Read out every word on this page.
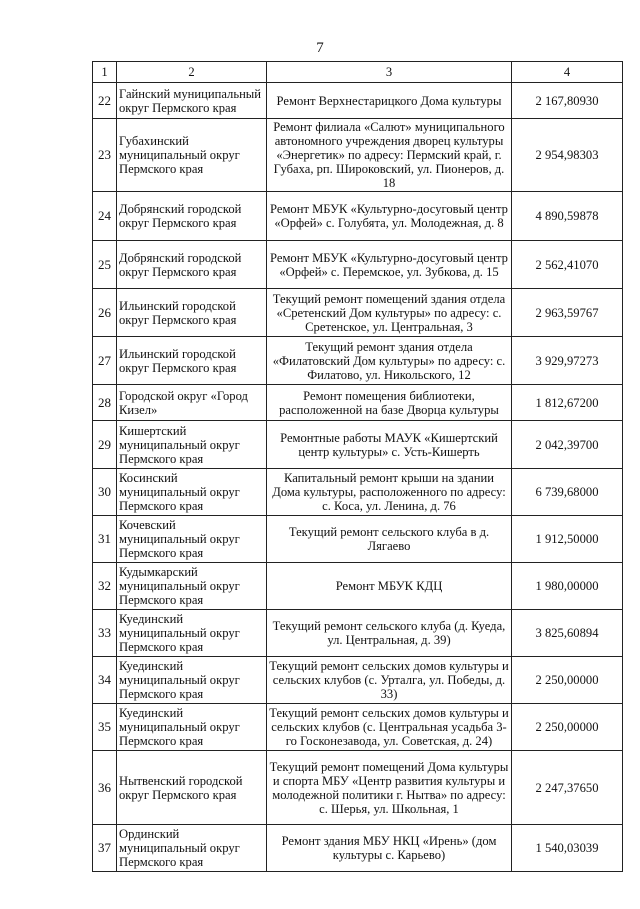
7
1	2	3	4
22	Гайнский муниципальный округ Пермского края	Ремонт Верхнестарицкого Дома культуры	2 167,80930
23	Губахинский муниципальный округ Пермского края	Ремонт филиала «Салют» муниципального автономного учреждения дворец культуры «Энергетик» по адресу: Пермский край, г. Губаха, рп. Широковский, ул. Пионеров, д. 18	2 954,98303
24	Добрянский городской округ Пермского края	Ремонт МБУК «Культурно-досуговый центр «Орфей» с. Голубята, ул. Молодежная, д. 8	4 890,59878
25	Добрянский городской округ Пермского края	Ремонт МБУК «Культурно-досуговый центр «Орфей» с. Перемское, ул. Зубкова, д. 15	2 562,41070
26	Ильинский городской округ Пермского края	Текущий ремонт помещений здания отдела «Сретенский Дом культуры» по адресу: с. Сретенское, ул. Центральная, 3	2 963,59767
27	Ильинский городской округ Пермского края	Текущий ремонт здания отдела «Филатовский Дом культуры» по адресу: с. Филатово, ул. Никольского, 12	3 929,97273
28	Городской округ «Город Кизел»	Ремонт помещения библиотеки, расположенной на базе Дворца культуры	1 812,67200
29	Кишертский муниципальный округ Пермского края	Ремонтные работы МАУК «Кишертский центр культуры» с. Усть-Кишерть	2 042,39700
30	Косинский муниципальный округ Пермского края	Капитальный ремонт крыши на здании Дома культуры, расположенного по адресу: с. Коса, ул. Ленина, д. 76	6 739,68000
31	Кочевский муниципальный округ Пермского края	Текущий ремонт сельского клуба в д. Лягаево	1 912,50000
32	Кудымкарский муниципальный округ Пермского края	Ремонт МБУК КДЦ	1 980,00000
33	Куединский муниципальный округ Пермского края	Текущий ремонт сельского клуба (д. Куеда, ул. Центральная, д. 39)	3 825,60894
34	Куединский муниципальный округ Пермского края	Текущий ремонт сельских домов культуры и сельских клубов (с. Урталга, ул. Победы, д. 33)	2 250,00000
35	Куединский муниципальный округ Пермского края	Текущий ремонт сельских домов культуры и сельских клубов (с. Центральная усадьба 3-го Госконезавода, ул. Советская, д. 24)	2 250,00000
36	Нытвенский городской округ Пермского края	Текущий ремонт помещений Дома культуры и спорта МБУ «Центр развития культуры и молодежной политики г. Нытва» по адресу: с. Шерья, ул. Школьная, 1	2 247,37650
37	Ординский муниципальный округ Пермского края	Ремонт здания МБУ НКЦ «Ирень» (дом культуры с. Карьево)	1 540,03039
